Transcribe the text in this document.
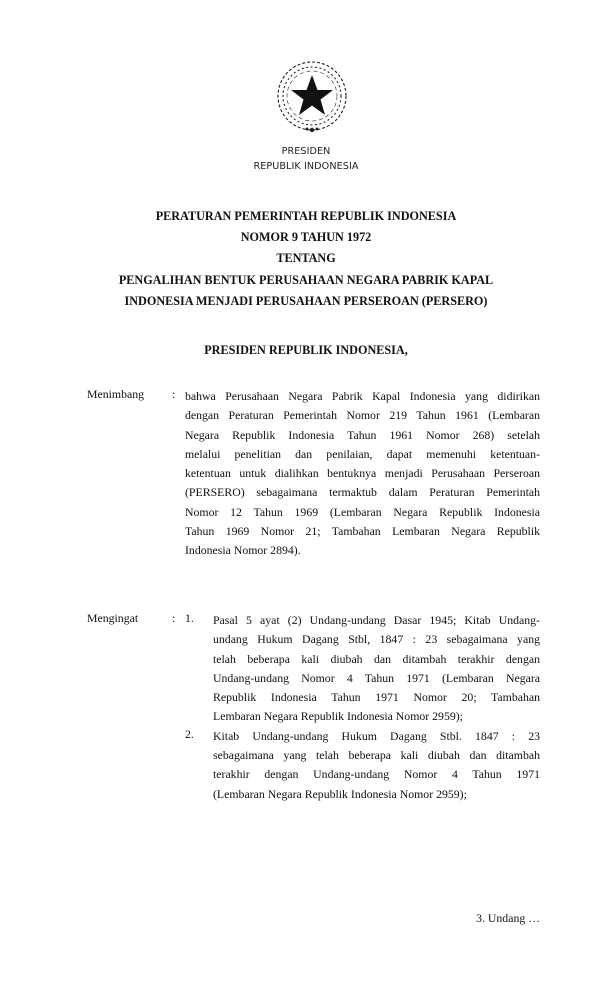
PRESIDEN
REPUBLIK INDONESIA
PERATURAN PEMERINTAH REPUBLIK INDONESIA
NOMOR 9 TAHUN 1972
TENTANG
PENGALIHAN BENTUK PERUSAHAAN NEGARA PABRIK KAPAL
INDONESIA MENJADI PERUSAHAAN PERSEROAN (PERSERO)
PRESIDEN REPUBLIK INDONESIA,
Menimbang : bahwa Perusahaan Negara Pabrik Kapal Indonesia yang didirikan
dengan Peraturan Pemerintah Nomor 219 Tahun 1961 (Lembaran
Negara Republik Indonesia Tahun 1961 Nomor 268) setelah
melalui penelitian dan penilaian, dapat memenuhi ketentuan-
ketentuan untuk dialihkan bentuknya menjadi Perusahaan Perseroan
(PERSERO) sebagaimana termaktub dalam Peraturan Pemerintah
Nomor 12 Tahun 1969 (Lembaran Negara Republik Indonesia
Tahun 1969 Nomor 21; Tambahan Lembaran Negara Republik
Indonesia Nomor 2894).
Mengingat	: 1. Pasal 5 ayat (2) Undang-undang Dasar 1945; Kitab Undang-
undang Hukum Dagang Stbl, 1847 : 23 sebagaimana yang
telah beberapa kali diubah dan ditambah terakhir dengan
Undang-undang Nomor 4 Tahun 1971 (Lembaran Negara
Republik Indonesia Tahun 1971 Nomor 20; Tambahan
Lembaran Negara Republik Indonesia Nomor 2959);
2. Kitab Undang-undang Hukum Dagang Stbl. 1847 : 23
sebagaimana yang telah beberapa kali diubah dan ditambah
terakhir dengan Undang-undang Nomor 4 Tahun 1971
(Lembaran Negara Republik Indonesia Nomor 2959);
3. Undang …
